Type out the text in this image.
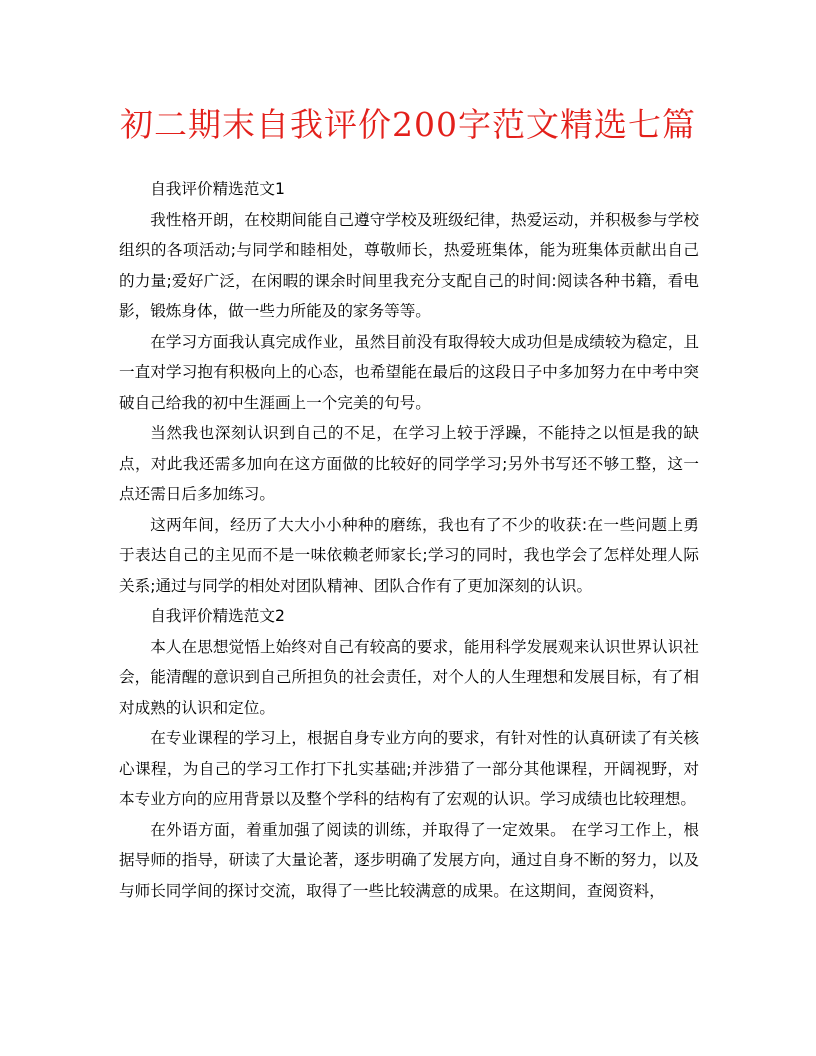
初二期末自我评价200字范文精选七篇

自我评价精选范文1

我性格开朗，在校期间能自己遵守学校及班级纪律，热爱运动，并积极参与学校组织的各项活动;与同学和睦相处，尊敬师长，热爱班集体，能为班集体贡献出自己的力量;爱好广泛，在闲暇的课余时间里我充分支配自己的时间:阅读各种书籍，看电影，锻炼身体，做一些力所能及的家务等等。

在学习方面我认真完成作业，虽然目前没有取得较大成功但是成绩较为稳定，且一直对学习抱有积极向上的心态，也希望能在最后的这段日子中多加努力在中考中突破自己给我的初中生涯画上一个完美的句号。

当然我也深刻认识到自己的不足，在学习上较于浮躁，不能持之以恒是我的缺点，对此我还需多加向在这方面做的比较好的同学学习;另外书写还不够工整，这一点还需日后多加练习。

这两年间，经历了大大小小种种的磨练，我也有了不少的收获:在一些问题上勇于表达自己的主见而不是一味依赖老师家长;学习的同时，我也学会了怎样处理人际关系;通过与同学的相处对团队精神、团队合作有了更加深刻的认识。

自我评价精选范文2

本人在思想觉悟上始终对自己有较高的要求，能用科学发展观来认识世界认识社会，能清醒的意识到自己所担负的社会责任，对个人的人生理想和发展目标，有了相对成熟的认识和定位。

在专业课程的学习上，根据自身专业方向的要求，有针对性的认真研读了有关核心课程，为自己的学习工作打下扎实基础;并涉猎了一部分其他课程，开阔视野，对本专业方向的应用背景以及整个学科的结构有了宏观的认识。学习成绩也比较理想。

在外语方面，着重加强了阅读的训练，并取得了一定效果。 在学习工作上，根据导师的指导，研读了大量论著，逐步明确了发展方向，通过自身不断的努力，以及与师长同学间的探讨交流，取得了一些比较满意的成果。在这期间，查阅资料，
